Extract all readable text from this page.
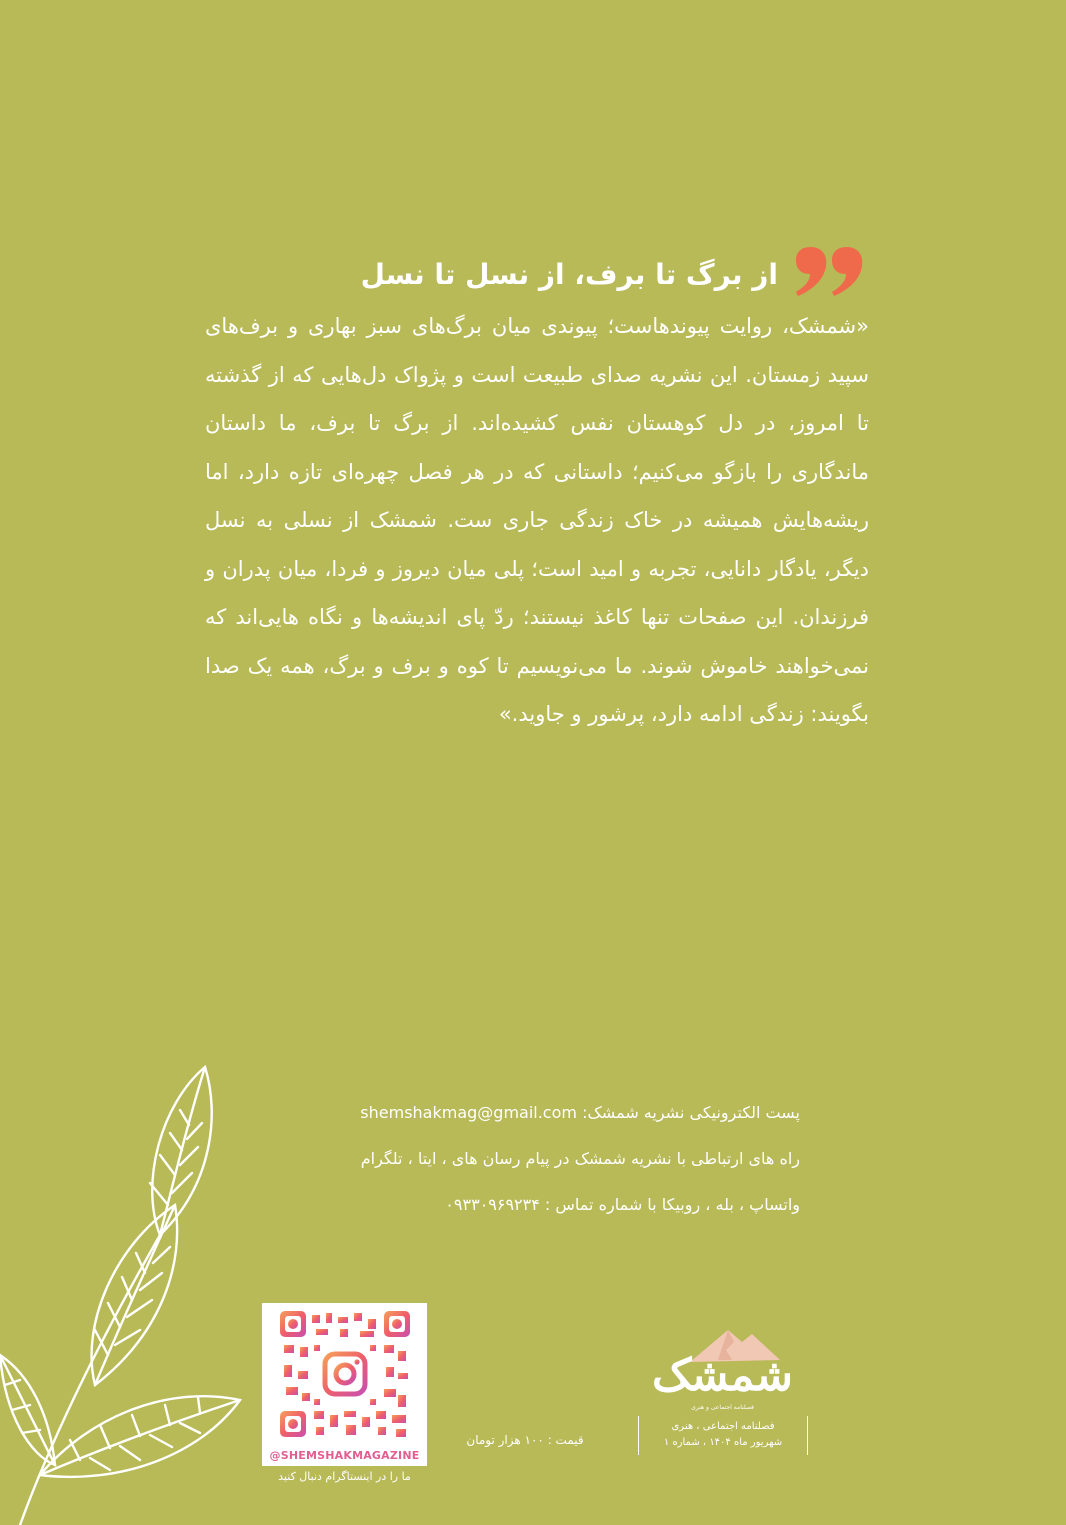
از برگ تا برف، از نسل تا نسل
«شمشک، روایت پیوندهاست؛ پیوندی میان برگ‌های سبز بهاری و برف‌های سپید زمستان. این نشریه صدای طبیعت است و پژواک دل‌هایی که از گذشته تا امروز، در دل کوهستان نفس کشیده‌اند. از برگ تا برف، ما داستان ماندگاری را بازگو می‌کنیم؛ داستانی که در هر فصل چهره‌ای تازه دارد، اما ریشه‌هایش همیشه در خاک زندگی جاری ست. شمشک از نسلی به نسل دیگر، یادگار دانایی، تجربه و امید است؛ پلی میان دیروز و فردا، میان پدران و فرزندان. این صفحات تنها کاغذ نیستند؛ ردّ پای اندیشه‌ها و نگاه هایی‌اند که نمی‌خواهند خاموش شوند. ما می‌نویسیم تا کوه و برف و برگ، همه یک صدا بگویند: زندگی ادامه دارد، پرشور و جاوید.»
پست الکترونیکی نشریه شمشک: shemshakmag@gmail.com
راه های ارتباطی با نشریه شمشک در پیام رسان های ، ایتا ، تلگرام
واتساپ ، بله ، روبیکا با شماره تماس : ۰۹۳۳۰۹۶۹۲۳۴
@SHEMSHAKMAGAZINE
ما را در اینستاگرام دنبال کنید
قیمت : ۱۰۰ هزار تومان
شمشک
فصلنامه اجتماعی و هنری
فصلنامه اجتماعی ، هنری
شهریور ماه ۱۴۰۴ ، شماره ۱
